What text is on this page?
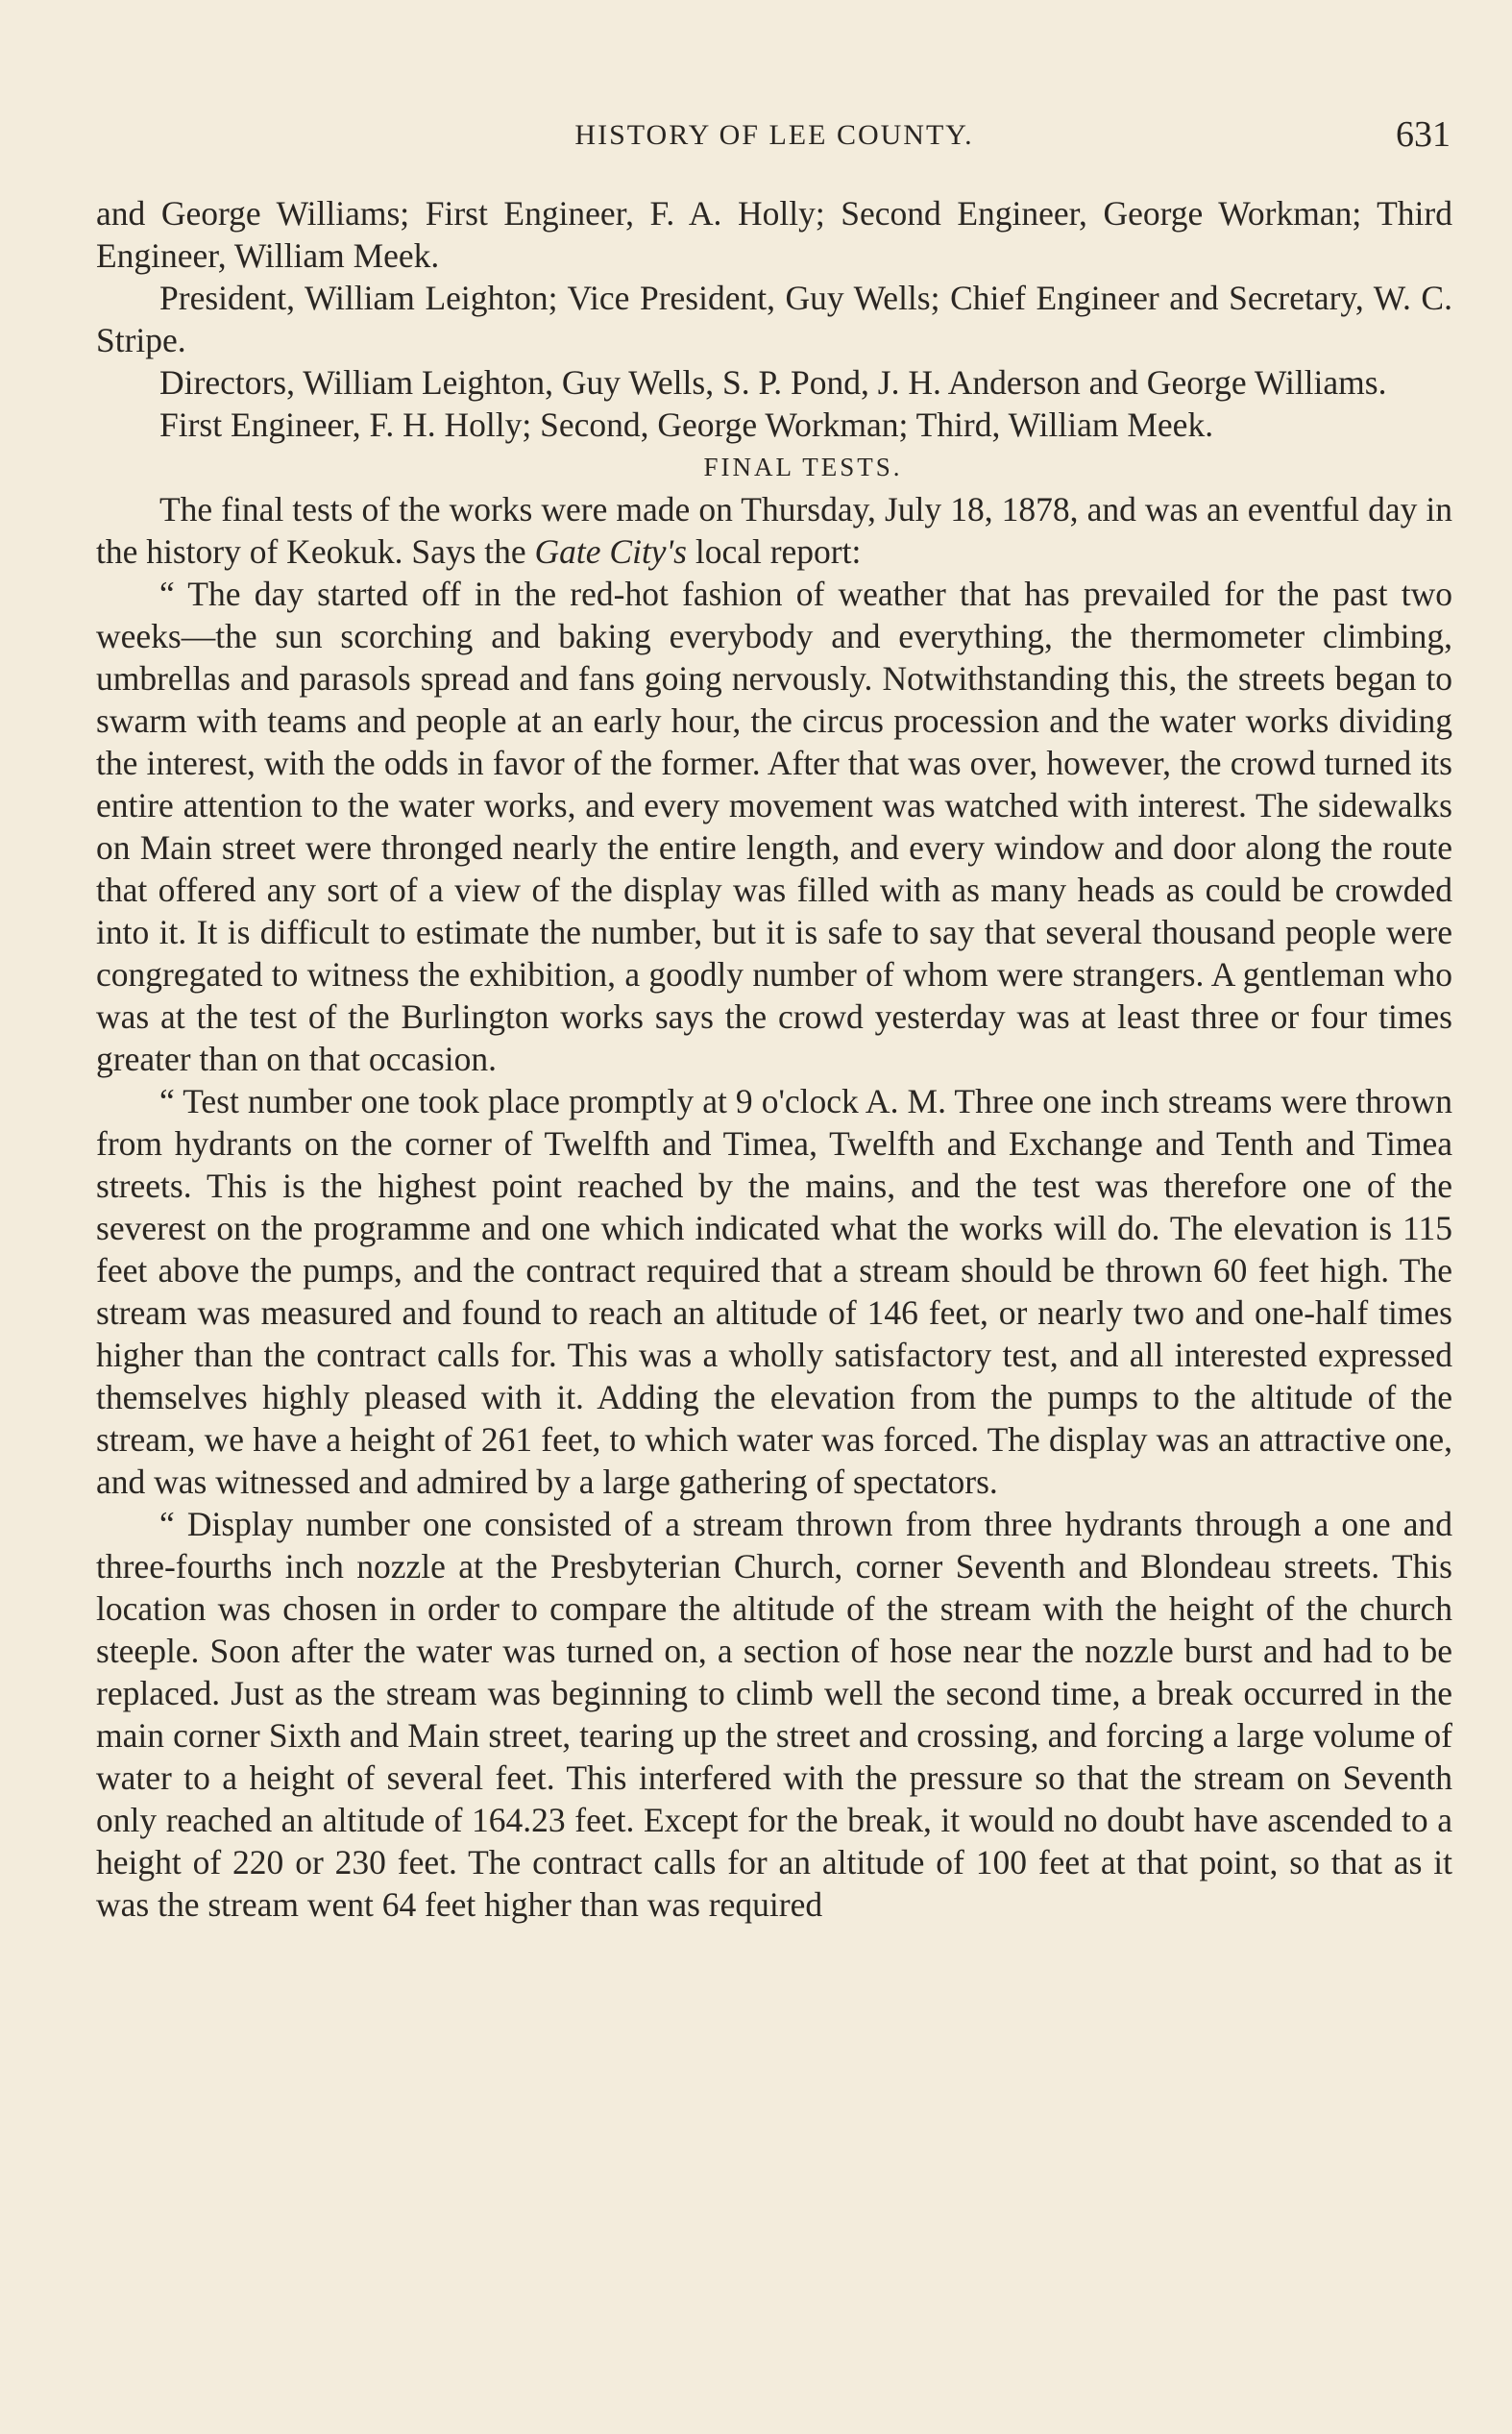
HISTORY OF LEE COUNTY.	631

and George Williams; First Engineer, F. A. Holly; Second Engineer, George Workman; Third Engineer, William Meek.

President, William Leighton; Vice President, Guy Wells; Chief Engineer and Secretary, W. C. Stripe.

Directors, William Leighton, Guy Wells, S. P. Pond, J. H. Anderson and George Williams.

First Engineer, F. H. Holly; Second, George Workman; Third, William Meek.

FINAL TESTS.

The final tests of the works were made on Thursday, July 18, 1878, and was an eventful day in the history of Keokuk. Says the Gate City's local report:

“ The day started off in the red-hot fashion of weather that has prevailed for the past two weeks—the sun scorching and baking everybody and everything, the thermometer climbing, umbrellas and parasols spread and fans going nervously. Notwithstanding this, the streets began to swarm with teams and people at an early hour, the circus procession and the water works dividing the interest, with the odds in favor of the former. After that was over, however, the crowd turned its entire attention to the water works, and every movement was watched with interest. The sidewalks on Main street were thronged nearly the entire length, and every window and door along the route that offered any sort of a view of the display was filled with as many heads as could be crowded into it. It is difficult to estimate the number, but it is safe to say that several thousand people were congregated to witness the exhibition, a goodly number of whom were strangers. A gentleman who was at the test of the Burlington works says the crowd yesterday was at least three or four times greater than on that occasion.

“ Test number one took place promptly at 9 o'clock A. M. Three one inch streams were thrown from hydrants on the corner of Twelfth and Timea, Twelfth and Exchange and Tenth and Timea streets. This is the highest point reached by the mains, and the test was therefore one of the severest on the programme and one which indicated what the works will do. The elevation is 115 feet above the pumps, and the contract required that a stream should be thrown 60 feet high. The stream was measured and found to reach an altitude of 146 feet, or nearly two and one-half times higher than the contract calls for. This was a wholly satisfactory test, and all interested expressed themselves highly pleased with it. Adding the elevation from the pumps to the altitude of the stream, we have a height of 261 feet, to which water was forced. The display was an attractive one, and was witnessed and admired by a large gathering of spectators.

“ Display number one consisted of a stream thrown from three hydrants through a one and three-fourths inch nozzle at the Presbyterian Church, corner Seventh and Blondeau streets. This location was chosen in order to compare the altitude of the stream with the height of the church steeple. Soon after the water was turned on, a section of hose near the nozzle burst and had to be replaced. Just as the stream was beginning to climb well the second time, a break occurred in the main corner Sixth and Main street, tearing up the street and crossing, and forcing a large volume of water to a height of several feet. This interfered with the pressure so that the stream on Seventh only reached an altitude of 164.23 feet. Except for the break, it would no doubt have ascended to a height of 220 or 230 feet. The contract calls for an altitude of 100 feet at that point, so that as it was the stream went 64 feet higher than was required
